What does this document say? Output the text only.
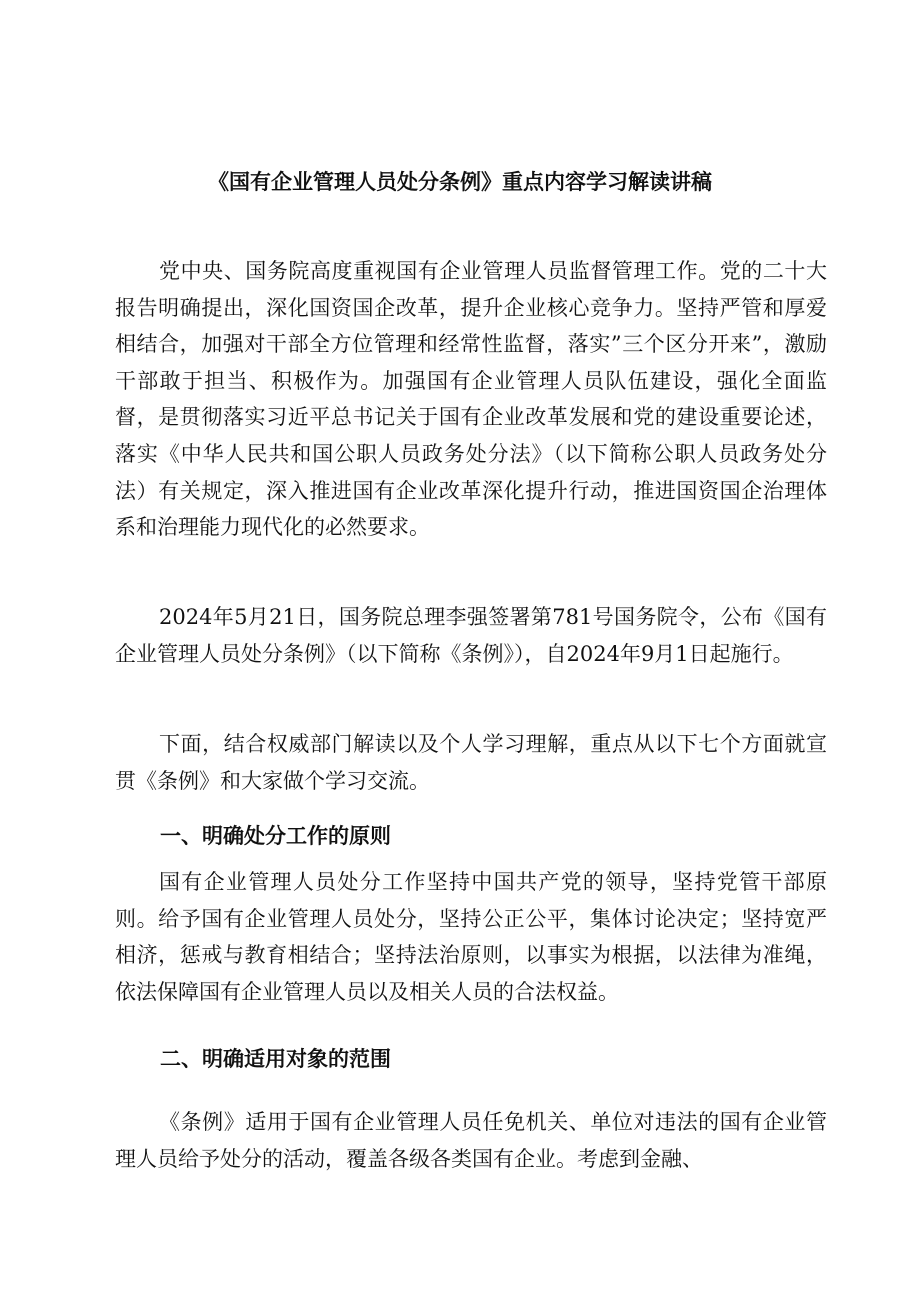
《国有企业管理人员处分条例》重点内容学习解读讲稿

党中央、国务院高度重视国有企业管理人员监督管理工作。党的二十大报告明确提出，深化国资国企改革，提升企业核心竞争力。坚持严管和厚爱相结合，加强对干部全方位管理和经常性监督，落实”三个区分开来”，激励干部敢于担当、积极作为。加强国有企业管理人员队伍建设，强化全面监督，是贯彻落实习近平总书记关于国有企业改革发展和党的建设重要论述，落实《中华人民共和国公职人员政务处分法》（以下简称公职人员政务处分法）有关规定，深入推进国有企业改革深化提升行动，推进国资国企治理体系和治理能力现代化的必然要求。

2024年5月21日，国务院总理李强签署第781号国务院令，公布《国有企业管理人员处分条例》（以下简称《条例》），自2024年9月1日起施行。

下面，结合权威部门解读以及个人学习理解，重点从以下七个方面就宣贯《条例》和大家做个学习交流。

一、明确处分工作的原则

国有企业管理人员处分工作坚持中国共产党的领导，坚持党管干部原则。给予国有企业管理人员处分，坚持公正公平，集体讨论决定；坚持宽严相济，惩戒与教育相结合；坚持法治原则，以事实为根据，以法律为准绳，依法保障国有企业管理人员以及相关人员的合法权益。

二、明确适用对象的范围

《条例》适用于国有企业管理人员任免机关、单位对违法的国有企业管理人员给予处分的活动，覆盖各级各类国有企业。考虑到金融、
